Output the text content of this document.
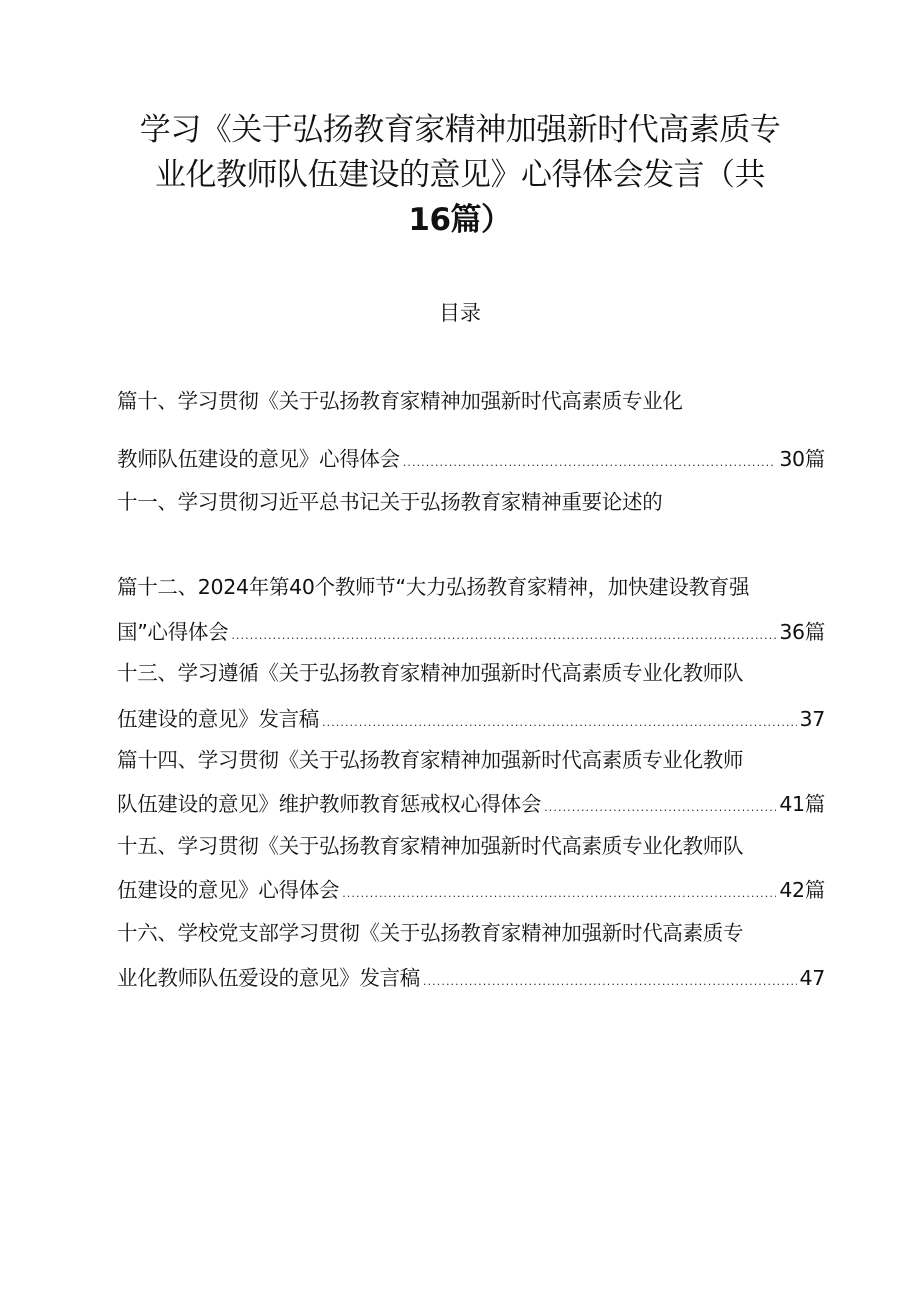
学习《关于弘扬教育家精神加强新时代高素质专
业化教师队伍建设的意见》心得体会发言（共
16篇）
目录
篇十、学习贯彻《关于弘扬教育家精神加强新时代高素质专业化
教师队伍建设的意见》心得体会 . . .	30篇
十一、学习贯彻习近平总书记关于弘扬教育家精神重要论述的
篇十二、2024年第40个教师节“大力弘扬教育家精神，加快建设教育强
国”心得体会 . . .	36篇
十三、学习遵循《关于弘扬教育家精神加强新时代高素质专业化教师队
伍建设的意见》发言稿 . . .	37
篇十四、学习贯彻《关于弘扬教育家精神加强新时代高素质专业化教师
队伍建设的意见》维护教师教育惩戒权心得体会 . . .	41篇
十五、学习贯彻《关于弘扬教育家精神加强新时代高素质专业化教师队
伍建设的意见》心得体会 . . .	42篇
十六、学校党支部学习贯彻《关于弘扬教育家精神加强新时代高素质专
业化教师队伍爱设的意见》发言稿 . . .	47
